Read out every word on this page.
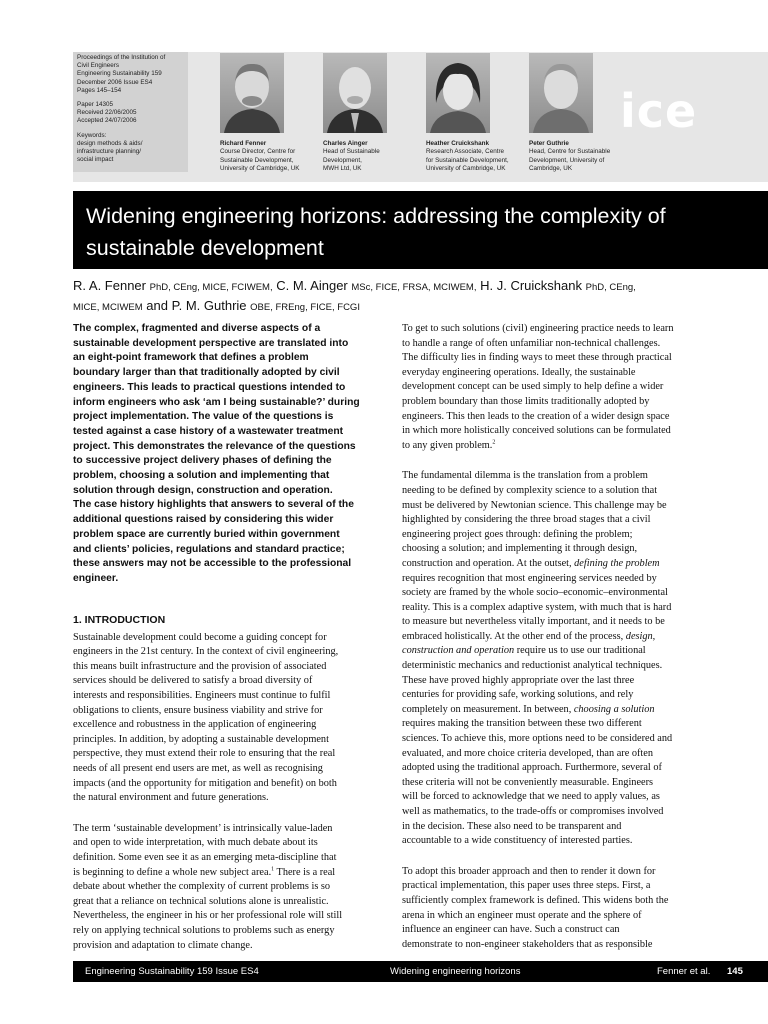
Proceedings of the Institution of
Civil Engineers
Engineering Sustainability 159
December 2006 Issue ES4
Pages 145–154
Paper 14305
Received 22/06/2005
Accepted 24/07/2006
Keywords:
design methods & aids/
infrastructure planning/
social impact
Richard Fenner
Course Director, Centre for
Sustainable Development,
University of Cambridge, UK
Charles Ainger
Head of Sustainable
Development,
MWH Ltd, UK
Heather Cruickshank
Research Associate, Centre
for Sustainable Development,
University of Cambridge, UK
Peter Guthrie
Head, Centre for Sustainable
Development, University of
Cambridge, UK
ice
Widening engineering horizons: addressing the complexity of sustainable development
R. A. Fenner PhD, CEng, MICE, FCIWEM, C. M. Ainger MSc, FICE, FRSA, MCIWEM, H. J. Cruickshank PhD, CEng,
MICE, MCIWEM and P. M. Guthrie OBE, FREng, FICE, FCGI
The complex, fragmented and diverse aspects of a
sustainable development perspective are translated into
an eight-point framework that defines a problem
boundary larger than that traditionally adopted by civil
engineers. This leads to practical questions intended to
inform engineers who ask ‘am I being sustainable?’ during
project implementation. The value of the questions is
tested against a case history of a wastewater treatment
project. This demonstrates the relevance of the questions
to successive project delivery phases of defining the
problem, choosing a solution and implementing that
solution through design, construction and operation.
The case history highlights that answers to several of the
additional questions raised by considering this wider
problem space are currently buried within government
and clients’ policies, regulations and standard practice;
these answers may not be accessible to the professional
engineer.
1. INTRODUCTION
Sustainable development could become a guiding concept for
engineers in the 21st century. In the context of civil engineering,
this means built infrastructure and the provision of associated
services should be delivered to satisfy a broad diversity of
interests and responsibilities. Engineers must continue to fulfil
obligations to clients, ensure business viability and strive for
excellence and robustness in the application of engineering
principles. In addition, by adopting a sustainable development
perspective, they must extend their role to ensuring that the real
needs of all present end users are met, as well as recognising
impacts (and the opportunity for mitigation and benefit) on both
the natural environment and future generations.
The term ‘sustainable development’ is intrinsically value-laden
and open to wide interpretation, with much debate about its
definition. Some even see it as an emerging meta-discipline that
is beginning to define a whole new subject area.$^1$ There is a real
debate about whether the complexity of current problems is so
great that a reliance on technical solutions alone is unrealistic.
Nevertheless, the engineer in his or her professional role will still
rely on applying technical solutions to problems such as energy
provision and adaptation to climate change.
To get to such solutions (civil) engineering practice needs to learn
to handle a range of often unfamiliar non-technical challenges.
The difficulty lies in finding ways to meet these through practical
everyday engineering operations. Ideally, the sustainable
development concept can be used simply to help define a wider
problem boundary than those limits traditionally adopted by
engineers. This then leads to the creation of a wider design space
in which more holistically conceived solutions can be formulated
to any given problem.$^2$
The fundamental dilemma is the translation from a problem
needing to be defined by complexity science to a solution that
must be delivered by Newtonian science. This challenge may be
highlighted by considering the three broad stages that a civil
engineering project goes through: defining the problem;
choosing a solution; and implementing it through design,
construction and operation. At the outset, defining the problem
requires recognition that most engineering services needed by
society are framed by the whole socio–economic–environmental
reality. This is a complex adaptive system, with much that is hard
to measure but nevertheless vitally important, and it needs to be
embraced holistically. At the other end of the process, design,
construction and operation require us to use our traditional
deterministic mechanics and reductionist analytical techniques.
These have proved highly appropriate over the last three
centuries for providing safe, working solutions, and rely
completely on measurement. In between, choosing a solution
requires making the transition between these two different
sciences. To achieve this, more options need to be considered and
evaluated, and more choice criteria developed, than are often
adopted using the traditional approach. Furthermore, several of
these criteria will not be conveniently measurable. Engineers
will be forced to acknowledge that we need to apply values, as
well as mathematics, to the trade-offs or compromises involved
in the decision. These also need to be transparent and
accountable to a wide constituency of interested parties.
To adopt this broader approach and then to render it down for
practical implementation, this paper uses three steps. First, a
sufficiently complex framework is defined. This widens both the
arena in which an engineer must operate and the sphere of
influence an engineer can have. Such a construct can
demonstrate to non-engineer stakeholders that as responsible
Engineering Sustainability 159 Issue ES4	Widening engineering horizons	Fenner et al. 145
